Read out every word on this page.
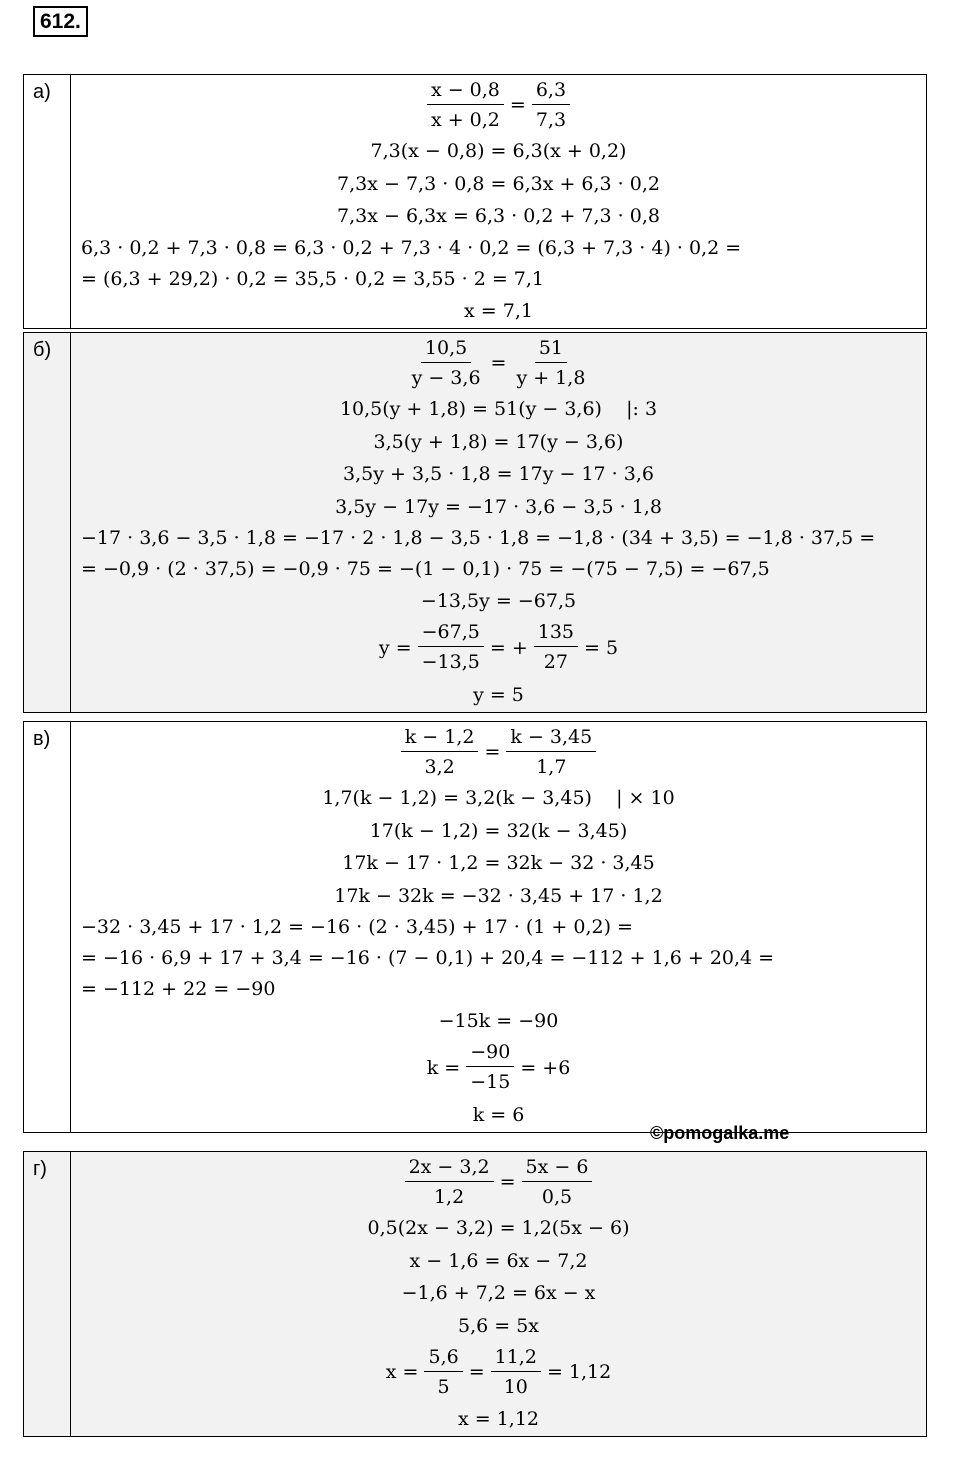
612.
а)	$\frac{x - 0,8}{x + 0,2} = \frac{6,3}{7,3}$
7,3(x − 0,8) = 6,3(x + 0,2)
7,3x − 7,3 · 0,8 = 6,3x + 6,3 · 0,2
7,3x − 6,3x = 6,3 · 0,2 + 7,3 · 0,8
6,3 · 0,2 + 7,3 · 0,8 = 6,3 · 0,2 + 7,3 · 4 · 0,2 = (6,3 + 7,3 · 4) · 0,2 =
= (6,3 + 29,2) · 0,2 = 35,5 · 0,2 = 3,55 · 2 = 7,1
x = 7,1
б)	$\frac{10,5}{y - 3,6} = \frac{51}{y + 1,8}$
10,5(y + 1,8) = 51(y − 3,6)    |: 3
3,5(y + 1,8) = 17(y − 3,6)
3,5y + 3,5 · 1,8 = 17y − 17 · 3,6
3,5y − 17y = −17 · 3,6 − 3,5 · 1,8
−17 · 3,6 − 3,5 · 1,8 = −17 · 2 · 1,8 − 3,5 · 1,8 = −1,8 · (34 + 3,5) = −1,8 · 37,5 =
= −0,9 · (2 · 37,5) = −0,9 · 75 = −(1 − 0,1) · 75 = −(75 − 7,5) = −67,5
−13,5y = −67,5
$y = \frac{-67,5}{-13,5}$ = + $\frac{135}{27} = 5$
y = 5
в)	$\frac{k - 1,2}{3,2} = \frac{k - 3,45}{1,7}$
1,7(k − 1,2) = 3,2(k − 3,45)    | × 10
17(k − 1,2) = 32(k − 3,45)
17k − 17 · 1,2 = 32k − 32 · 3,45
17k − 32k = −32 · 3,45 + 17 · 1,2
−32 · 3,45 + 17 · 1,2 = −16 · (2 · 3,45) + 17 · (1 + 0,2) =
= −16 · 6,9 + 17 + 3,4 = −16 · (7 − 0,1) + 20,4 = −112 + 1,6 + 20,4 =
= −112 + 22 = −90
−15k = −90
$k = \frac{-90}{-15} = +6$
k = 6
©pomogalka.me
г)	$\frac{2x - 3,2}{1,2} = \frac{5x - 6}{0,5}$
0,5(2x − 3,2) = 1,2(5x − 6)
x − 1,6 = 6x − 7,2
−1,6 + 7,2 = 6x − x
5,6 = 5x
$x = \frac{5,6}{5} = \frac{11,2}{10} = 1,12$
x = 1,12
